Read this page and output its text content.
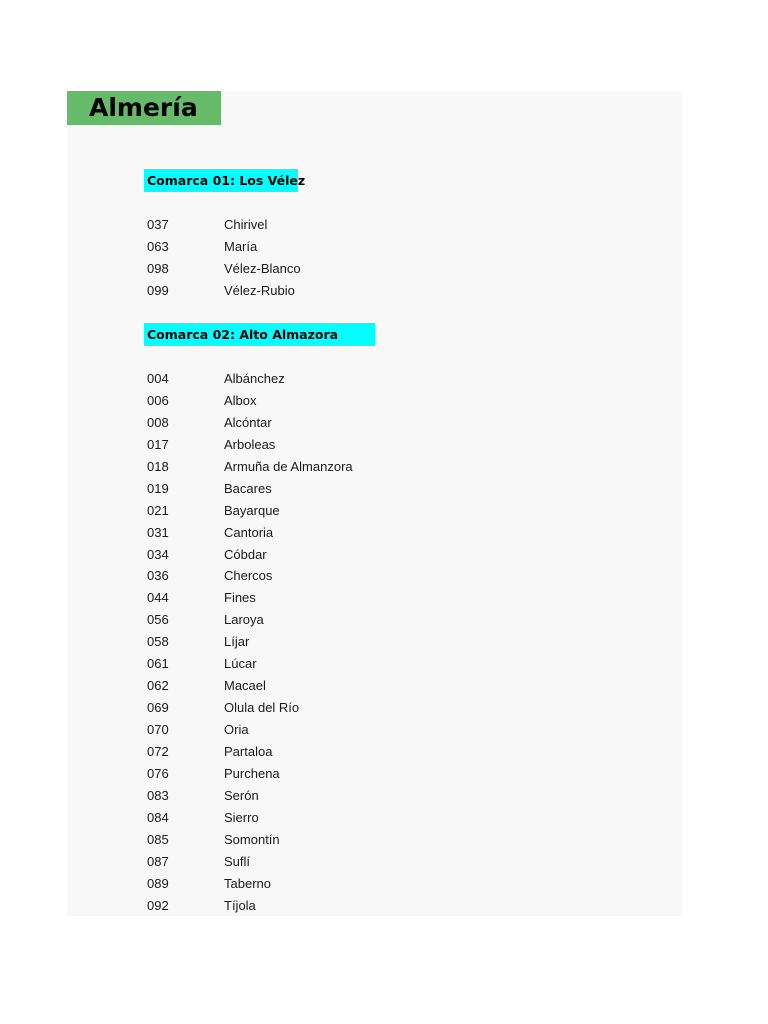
Almería
Comarca 01: Los Vélez
037	Chirivel
063	María
098	Vélez-Blanco
099	Vélez-Rubio
Comarca 02: Alto Almazora
004	Albánchez
006	Albox
008	Alcóntar
017	Arboleas
018	Armuña de Almanzora
019	Bacares
021	Bayarque
031	Cantoria
034	Cóbdar
036	Chercos
044	Fines
056	Laroya
058	Líjar
061	Lúcar
062	Macael
069	Olula del Río
070	Oria
072	Partaloa
076	Purchena
083	Serón
084	Sierro
085	Somontín
087	Suflí
089	Taberno
092	Tíjola
